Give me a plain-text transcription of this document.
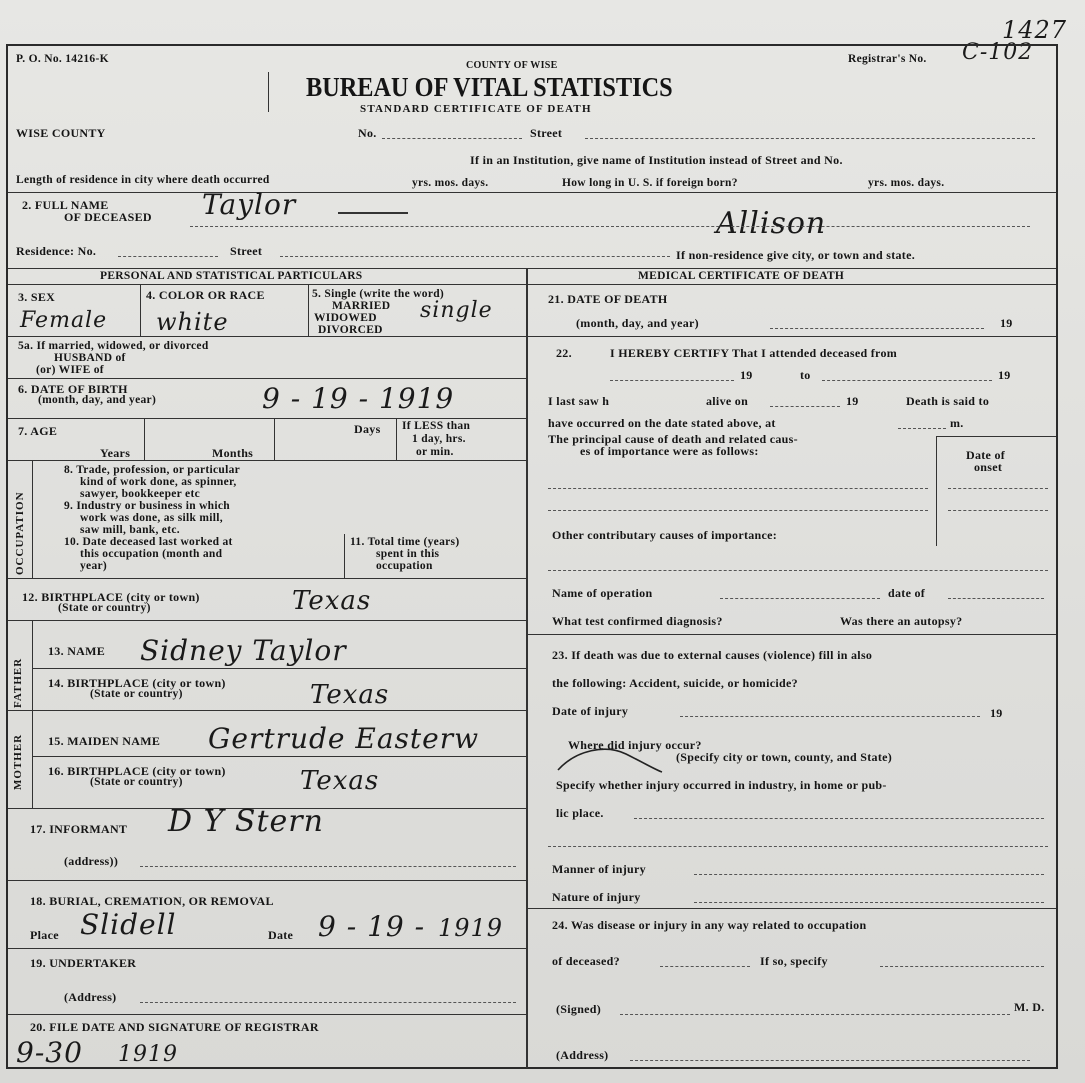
P. O. No. 14216-K
1427
Registrar's No. C-102
COUNTY OF WISE
BUREAU OF VITAL STATISTICS
STANDARD CERTIFICATE OF DEATH
WISE COUNTY	No.	Street
If in an Institution, give name of Institution instead of Street and No.
Length of residence in city where death occurred	yrs. mos. days.	How long in U. S. if foreign born?	yrs. mos. days.
2. FULL NAME
OF DECEASED Taylor
Allison
Residence: No.	Street	If non-residence give city, or town and state.
PERSONAL AND STATISTICAL PARTICULARS
3. SEX
Female
4. COLOR OR RACE
white
5. Single (write the word)
MARRIED
WIDOWED
DIVORCED
single
5a. If married, widowed, or divorced
HUSBAND of
(or) WIFE of
6. DATE OF BIRTH
(month, day, and year)	9 - 19 - 1919
7. AGE
Years	Months
Days If LESS than
1 day, hrs.
or min.
OCCUPATION
8. Trade, profession, or particular
kind of work done, as spinner,
sawyer, bookkeeper etc
9. Industry or business in which
work was done, as silk mill,
saw mill, bank, etc.
10. Date deceased last worked at
this occupation (month and
year)
11. Total time (years)
spent in this
occupation
12. BIRTHPLACE (city or town)
(State or country)	Texas
FATHER
MOTHER
13. NAME Sidney Taylor
14. BIRTHPLACE (city or town)
(State or country)	Texas
15. MAIDEN NAME Gertrude Easterw
16. BIRTHPLACE (city or town)
(State or country)	Texas
17. INFORMANT D Y Stern
(address))
18. BURIAL, CREMATION, OR REMOVAL
Place Slidell	Date 9 - 19 - 1919
19. UNDERTAKER
(Address)
20. FILE DATE AND SIGNATURE OF REGISTRAR
9-30 1919
MEDICAL CERTIFICATE OF DEATH
21. DATE OF DEATH
(month, day, and year)	19
22.	I HEREBY CERTIFY That I attended deceased from
19	to	19
I last saw h	alive on	19	Death is said to
have occurred on the date stated above, at	m.
The principal cause of death and related caus-
es of importance were as follows:	Date of
onset
Other contributary causes of importance:
Name of operation	date of
What test confirmed diagnosis?	Was there an autopsy?
23. If death was due to external causes (violence) fill in also
the following: Accident, suicide, or homicide?
Date of injury	19
Where did injury occur?
(Specify city or town, county, and State)
Specify whether injury occurred in industry, in home or pub-
lic place.
Manner of injury
Nature of injury
24. Was disease or injury in any way related to occupation
of deceased?	If so, specify
(Signed)	M. D.
(Address)
